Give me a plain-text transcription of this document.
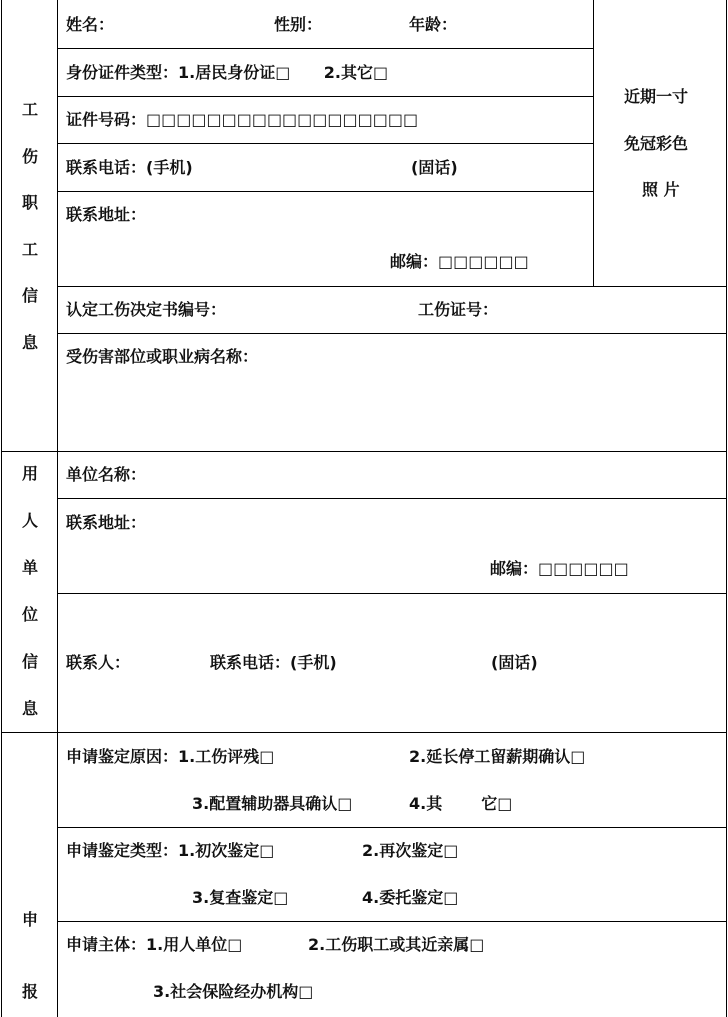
工
伤
职
工
信
息
姓名：	性别：	年龄：
身份证件类型：1.居民身份证□      2.其它□
证件号码：□□□□□□□□□□□□□□□□□□
联系电话：(手机)	(固话)
联系地址：
邮编：□□□□□□
认定工伤决定书编号：	工伤证号：
受伤害部位或职业病名称：
近期一寸
免冠彩色
照 片
用
人
单
位
信
息
单位名称：
联系地址：
邮编：□□□□□□
联系人：	联系电话：(手机)	(固话)
申
报
申请鉴定原因：1.工伤评残□	2.延长停工留薪期确认□
3.配置辅助器具确认□	4.其       它□
申请鉴定类型：1.初次鉴定□	2.再次鉴定□
3.复查鉴定□	4.委托鉴定□
申请主体：1.用人单位□	2.工伤职工或其近亲属□
3.社会保险经办机构□
